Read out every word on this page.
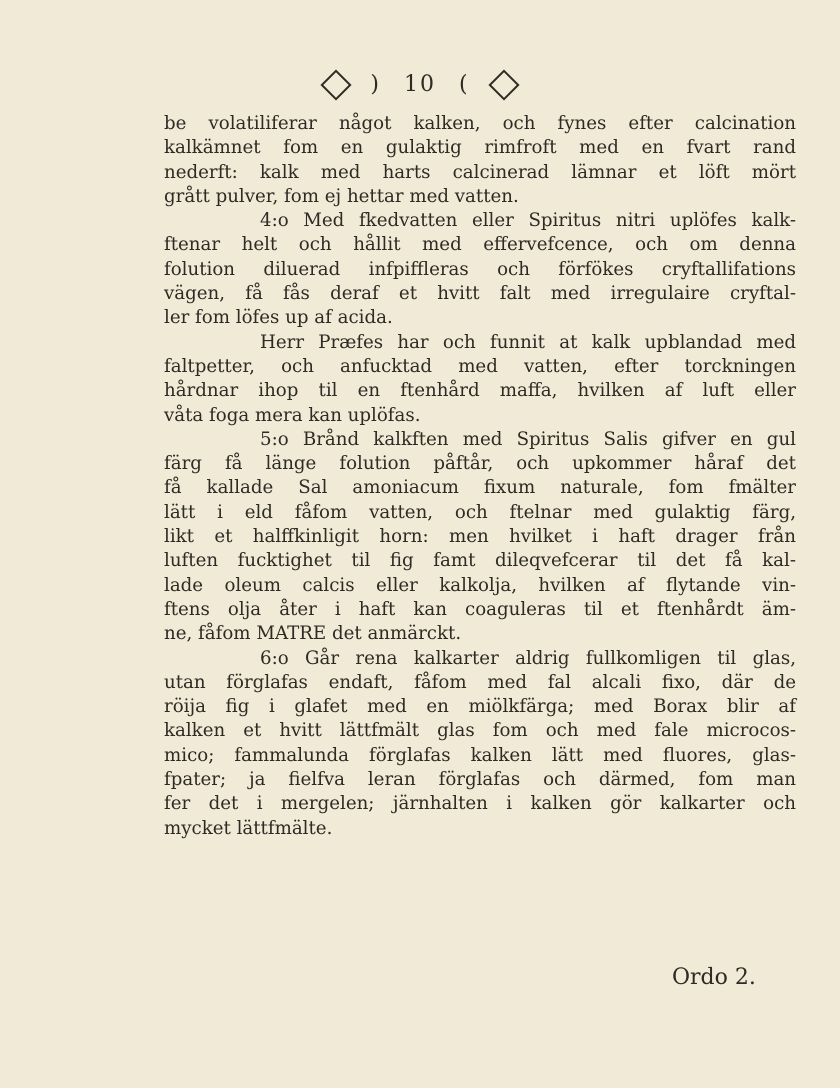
) 10 (

be volatiliferar något kalken, och fynes efter calcination
kalkämnet fom en gulaktig rimfroft med en fvart rand
nederft: kalk med harts calcinerad lämnar et löft mört
grått pulver, fom ej hettar med vatten.

4:o Med fkedvatten eller Spiritus nitri uplöfes kalk-

ftenar helt och hållit med effervefcence, och om denna
folution diluerad infpiffleras och förfökes cryftallifations
vägen, få fås deraf et hvitt falt med irregulaire cryftal-
ler fom löfes up af acida.

Herr Præfes har och funnit at kalk upblandad med

faltpetter, och anfucktad med vatten, efter torckningen
hårdnar ihop til en ftenhård maffa, hvilken af luft eller
våta foga mera kan uplöfas.

5:o Brånd kalkften med Spiritus Salis gifver en gul

färg få länge folution påftår, och upkommer håraf det
få kallade Sal amoniacum fixum naturale, fom fmälter
lätt i eld fåfom vatten, och ftelnar med gulaktig färg,
likt et halffkinligit horn: men hvilket i haft drager från
luften fucktighet til fig famt dileqvefcerar til det få kal-
lade oleum calcis eller kalkolja, hvilken af flytande vin-
ftens olja åter i haft kan coaguleras til et ftenhårdt äm-
ne, fåfom MATRE det anmärckt.

6:o Går rena kalkarter aldrig fullkomligen til glas,

utan förglafas endaft, fåfom med fal alcali fixo, där de
röija fig i glafet med en miölkfärga; med Borax blir af
kalken et hvitt lättfmält glas fom och med fale microcos-
mico; fammalunda förglafas kalken lätt med fluores, glas-
fpater; ja fielfva leran förglafas och därmed, fom man
fer det i mergelen; järnhalten i kalken gör kalkarter och
mycket lättfmälte.

Ordo 2.
